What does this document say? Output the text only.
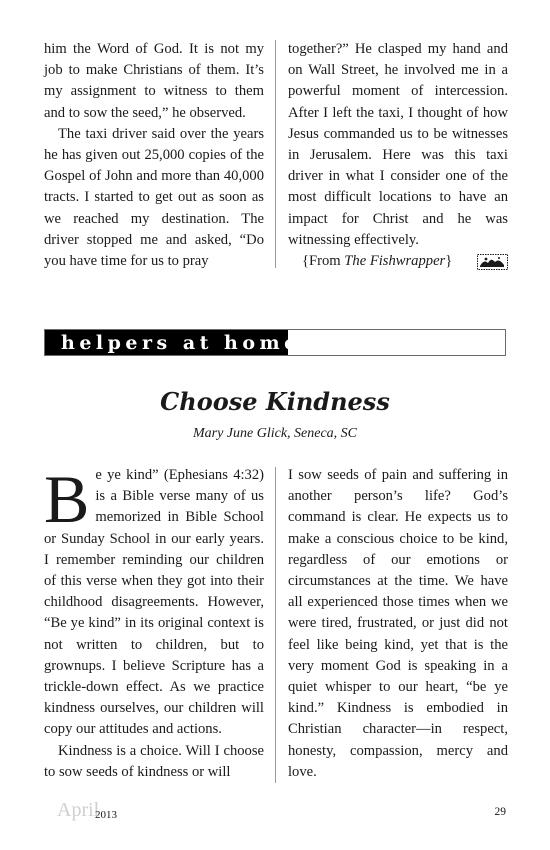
him the Word of God. It is not my job to make Christians of them. It’s my assignment to witness to them and to sow the seed,” he observed.

The taxi driver said over the years he has given out 25,000 copies of the Gospel of John and more than 40,000 tracts. I started to get out as soon as we reached my destination. The driver stopped me and asked, “Do you have time for us to pray

together?” He clasped my hand and on Wall Street, he involved me in a powerful moment of intercession. After I left the taxi, I thought of how Jesus commanded us to be witnesses in Jerusalem. Here was this taxi driver in what I consider one of the most difficult locations to have an impact for Christ and he was witnessing effectively.

{From The Fishwrapper}

helpers at home
Choose Kindness
Mary June Glick, Seneca, SC

Be ye kind” (Ephesians 4:32) is a Bible verse many of us memorized in Bible School or Sunday School in our early years. I remember reminding our children of this verse when they got into their childhood disagreements. However, “Be ye kind” in its original context is not written to children, but to grownups. I believe Scripture has a trickle-down effect. As we practice kindness ourselves, our children will copy our attitudes and actions.

Kindness is a choice. Will I choose to sow seeds of kindness or will

I sow seeds of pain and suffering in another person’s life? God’s command is clear. He expects us to make a conscious choice to be kind, regardless of our emotions or circumstances at the time. We have all experienced those times when we were tired, frustrated, or just did not feel like being kind, yet that is the very moment God is speaking in a quiet whisper to our heart, “be ye kind.” Kindness is embodied in Christian character—in respect, honesty, compassion, mercy and love.

April
2013	29
